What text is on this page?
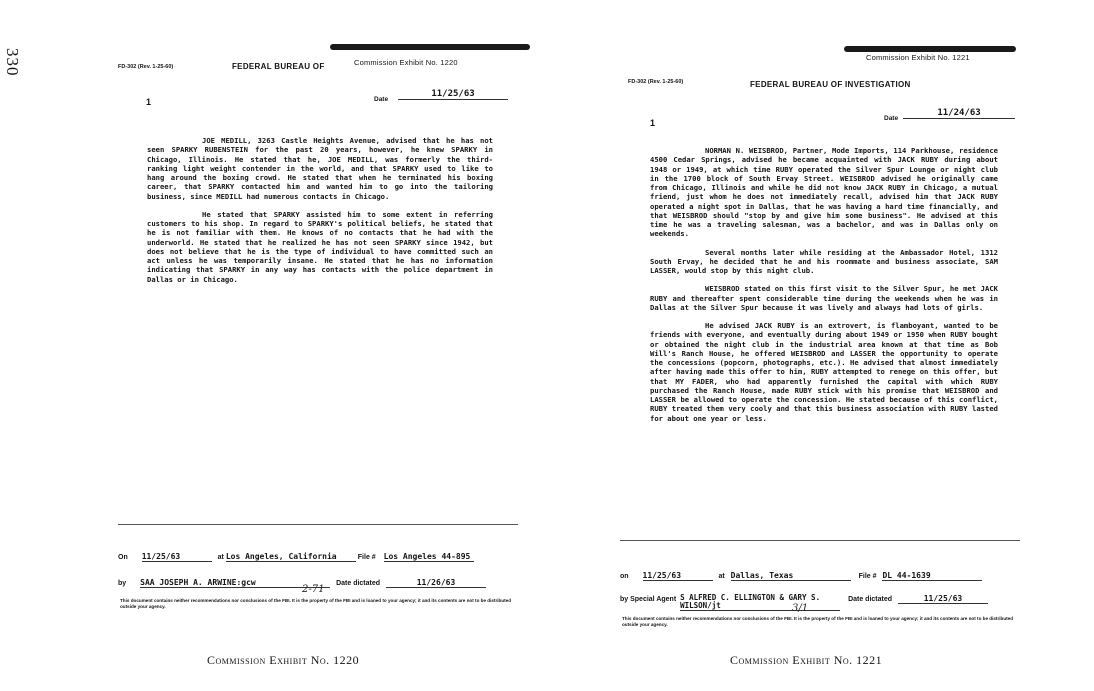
330	FD-302 (Rev. 1-25-60)	FEDERAL BUREAU OF	Commission Exhibit No. 1220
1	Date
11/25/63

JOE MEDILL, 3263 Castle Heights Avenue, advised that he has not seen SPARKY RUBENSTEIN for the past 20 years, however, he knew SPARKY in Chicago, Illinois. He stated that he, JOE MEDILL, was formerly the third-ranking light weight contender in the world, and that SPARKY used to like to hang around the boxing crowd. He stated that when he terminated his boxing career, that SPARKY contacted him and wanted him to go into the tailoring business, since MEDILL had numerous contacts in Chicago.

He stated that SPARKY assisted him to some extent in referring customers to his shop. In regard to SPARKY's political beliefs, he stated that he is not familiar with them. He knows of no contacts that he had with the underworld. He stated that he realized he has not seen SPARKY since 1942, but does not believe that he is the type of individual to have committed such an act unless he was temporarily insane. He stated that he has no information indicating that SPARKY in any way has contacts with the police department in Dallas or in Chicago.

On 11/25/63	at Los Angeles, California	File # Los Angeles 44-895
by SAA JOSEPH A. ARWINE:gcw	Date dictated	11/26/63
2-71
This document contains neither recommendations nor conclusions of the FBI. It is the property of the FBI and is loaned to your agency; it and its contents are not to be distributed outside your agency.
Commission Exhibit No. 1220
Commission Exhibit No. 1221
FD-302 (Rev. 1-25-60)	FEDERAL BUREAU OF INVESTIGATION
1	Date
11/24/63

NORMAN N. WEISBROD, Partner, Mode Imports, 114 Parkhouse, residence 4500 Cedar Springs, advised he became acquainted with JACK RUBY during about 1948 or 1949, at which time RUBY operated the Silver Spur Lounge or night club in the 1700 block of South Ervay Street. WEISBROD advised he originally came from Chicago, Illinois and while he did not know JACK RUBY in Chicago, a mutual friend, just whom he does not immediately recall, advised him that JACK RUBY operated a night spot in Dallas, that he was having a hard time financially, and that WEISBROD should "stop by and give him some business". He advised at this time he was a traveling salesman, was a bachelor, and was in Dallas only on weekends.

Several months later while residing at the Ambassador Hotel, 1312 South Ervay, he decided that he and his roommate and business associate, SAM LASSER, would stop by this night club.

WEISBROD stated on this first visit to the Silver Spur, he met JACK RUBY and thereafter spent considerable time during the weekends when he was in Dallas at the Silver Spur because it was lively and always had lots of girls.

He advised JACK RUBY is an extrovert, is flamboyant, wanted to be friends with everyone, and eventually during about 1949 or 1950 when RUBY bought or obtained the night club in the industrial area known at that time as Bob Will's Ranch House, he offered WEISBROD and LASSER the opportunity to operate the concessions (popcorn, photographs, etc.). He advised that almost immediately after having made this offer to him, RUBY attempted to renege on this offer, but that MY FADER, who had apparently furnished the capital with which RUBY purchased the Ranch House, made RUBY stick with his promise that WEISBROD and LASSER be allowed to operate the concession. He stated because of this conflict, RUBY treated them very cooly and that this business association with RUBY lasted for about one year or less.

on 11/25/63	at Dallas, Texas	File # DL 44-1639
by Special Agent S ALFRED C. ELLINGTON & GARY S. WILSON/jt Date dictated	11/25/63
3/1
This document contains neither recommendations nor conclusions of the FBI. It is the property of the FBI and is loaned to your agency; it and its contents are not to be distributed outside your agency.
Commission Exhibit No. 1221
